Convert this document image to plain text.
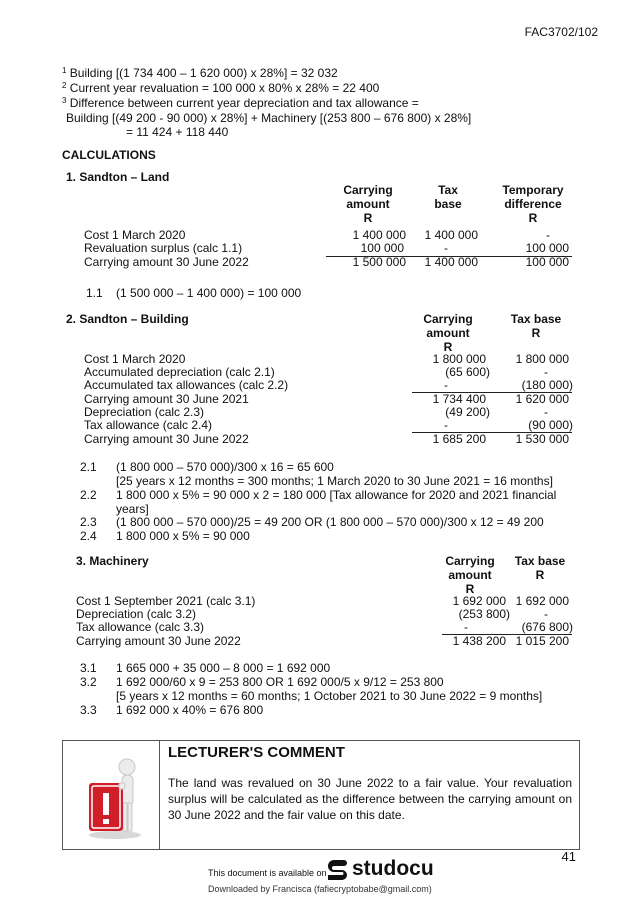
FAC3702/102
$^1$ Building [(1 734 400 – 1 620 000) x 28%] = 32 032
$^2$ Current year revaluation = 100 000 x 80% x 28% = 22 400
$^3$ Difference between current year depreciation and tax allowance =
Building [(49 200 - 90 000) x 28%] + Machinery [(253 800 – 676 800) x 28%]
= 11 424 + 118 440
CALCULATIONS
1. Sandton – Land
Carrying
amount
R
Tax
base
Temporary
difference
R
Cost 1 March 2020	1 400 000 1 400 000	-
Revaluation surplus (calc 1.1)	100 000	-	100 000
Carrying amount 30 June 2022	1 500 000 1 400 000	100 000
1.1 (1 500 000 – 1 400 000) = 100 000
2. Sandton – Building	Carrying
amount
R
Tax base
R
Cost 1 March 2020	1 800 000 1 800 000
Accumulated depreciation (calc 2.1)	(65 600)	-
Accumulated tax allowances (calc 2.2)	-	(180 000)
Carrying amount 30 June 2021	1 734 400 1 620 000
Depreciation (calc 2.3)	(49 200)	-
Tax allowance (calc 2.4)	-	(90 000)
Carrying amount 30 June 2022	1 685 200 1 530 000
2.1 (1 800 000 – 570 000)/300 x 16 = 65 600
[25 years x 12 months = 300 months; 1 March 2020 to 30 June 2021 = 16 months]
2.2 1 800 000 x 5% = 90 000 x 2 = 180 000 [Tax allowance for 2020 and 2021 financial
years]
2.3 (1 800 000 – 570 000)/25 = 49 200 OR (1 800 000 – 570 000)/300 x 12 = 49 200
2.4 1 800 000 x 5% = 90 000
3. Machinery	Carrying
amount
R
Tax base
R
Cost 1 September 2021 (calc 3.1)	1 692 000 1 692 000
Depreciation (calc 3.2)	(253 800)	-
Tax allowance (calc 3.3)	-	(676 800)
Carrying amount 30 June 2022	1 438 200 1 015 200
3.1 1 665 000 + 35 000 – 8 000 = 1 692 000
3.2 1 692 000/60 x 9 = 253 800 OR 1 692 000/5 x 9/12 = 253 800
[5 years x 12 months = 60 months; 1 October 2021 to 30 June 2022 = 9 months]
3.3 1 692 000 x 40% = 676 800
LECTURER'S COMMENT
The land was revalued on 30 June 2022 to a fair value. Your revaluation surplus will be calculated as the difference between the carrying amount on 30 June 2022 and the fair value on this date.
41
This document is available on studocu
Downloaded by Francisca (fafiecryptobabe@gmail.com)
